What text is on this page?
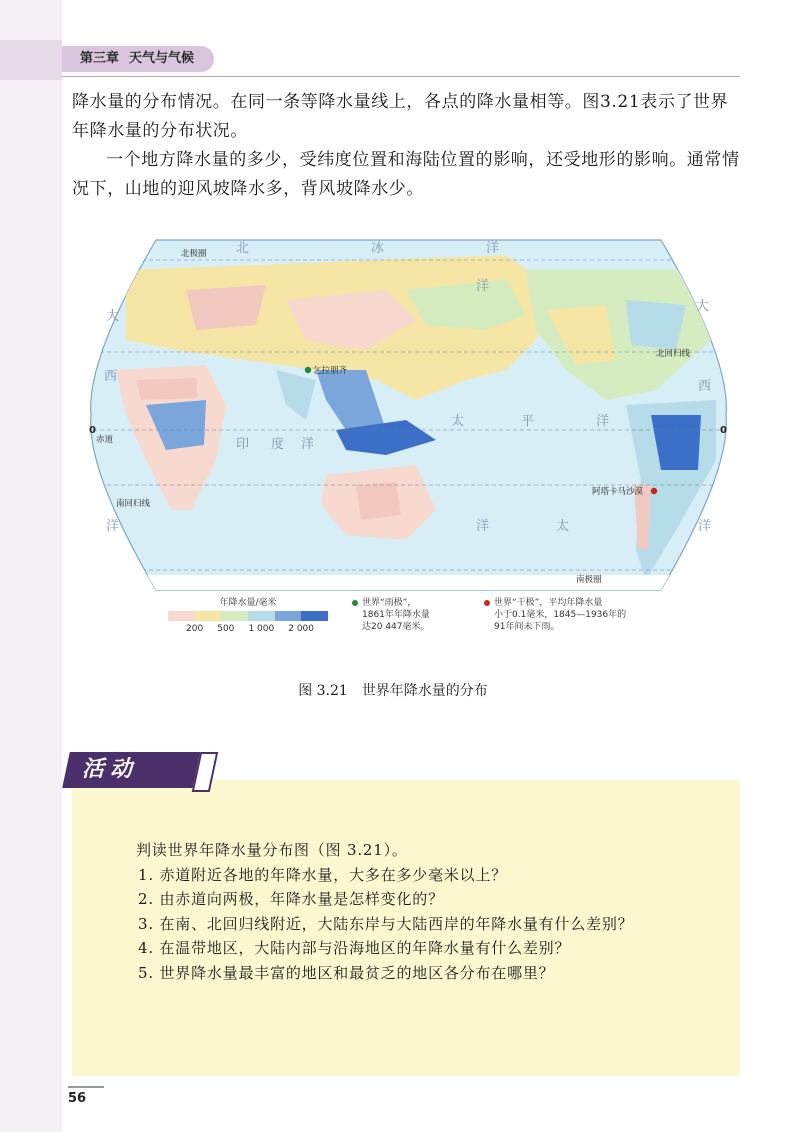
第三章 天气与气候
降水量的分布情况。在同一条等降水量线上，各点的降水量相等。图3.21表示了世界年降水量的分布状况。
一个地方降水量的多少，受纬度位置和海陆位置的影响，还受地形的影响。通常情况下，山地的迎风坡降水多，背风坡降水少。
北极圈
南极圈
北回归线
南回归线
赤道
0	0
乞拉朋齐
阿塔卡马沙漠
北	冰	洋
太	平	洋
印 度 洋
大
西
洋
大
西
洋
洋
洋	太
年降水量/毫米
200 500 1 000 2 000
世界“雨极”，
1861年年降水量
达20 447毫米。
世界“干极”，平均年降水量
小于0.1毫米，1845—1936年的
91年间未下雨。
图 3.21 世界年降水量的分布
活动

判读世界年降水量分布图（图 3.21）。

1. 赤道附近各地的年降水量，大多在多少毫米以上？

2. 由赤道向两极，年降水量是怎样变化的？

3. 在南、北回归线附近，大陆东岸与大陆西岸的年降水量有什么差别？

4. 在温带地区，大陆内部与沿海地区的年降水量有什么差别？

5. 世界降水量最丰富的地区和最贫乏的地区各分布在哪里？

56
